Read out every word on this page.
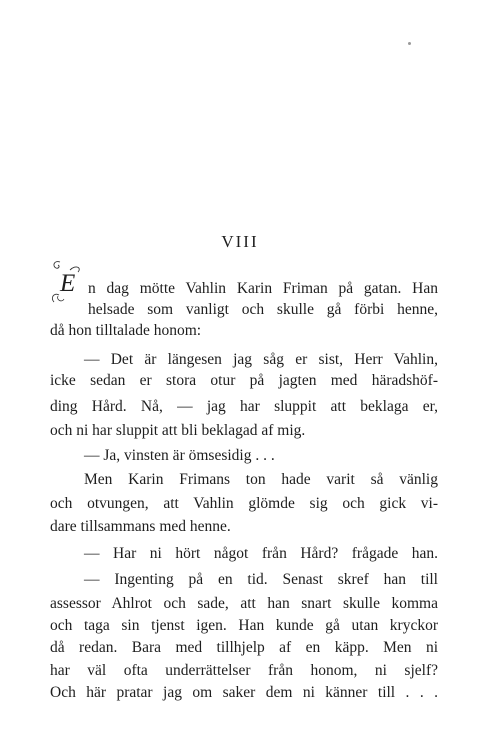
VIII
E n dag mötte Vahlin Karin Friman på gatan. Han
helsade som vanligt och skulle gå förbi henne,
då hon tilltalade honom:
— Det är längesen jag såg er sist, Herr Vahlin,
icke sedan er stora otur på jagten med häradshöf-
ding Hård. Nå, — jag har sluppit att beklaga er,
och ni har sluppit att bli beklagad af mig.
— Ja, vinsten är ömsesidig . . .
Men Karin Frimans ton hade varit så vänlig
och otvungen, att Vahlin glömde sig och gick vi-
dare tillsammans med henne.
— Har ni hört något från Hård? frågade han.
— Ingenting på en tid. Senast skref han till
assessor Ahlrot och sade, att han snart skulle komma
och taga sin tjenst igen. Han kunde gå utan kryckor
då redan. Bara med tillhjelp af en käpp. Men ni
har väl ofta underrättelser från honom, ni sjelf?
Och här pratar jag om saker dem ni känner till . . .
